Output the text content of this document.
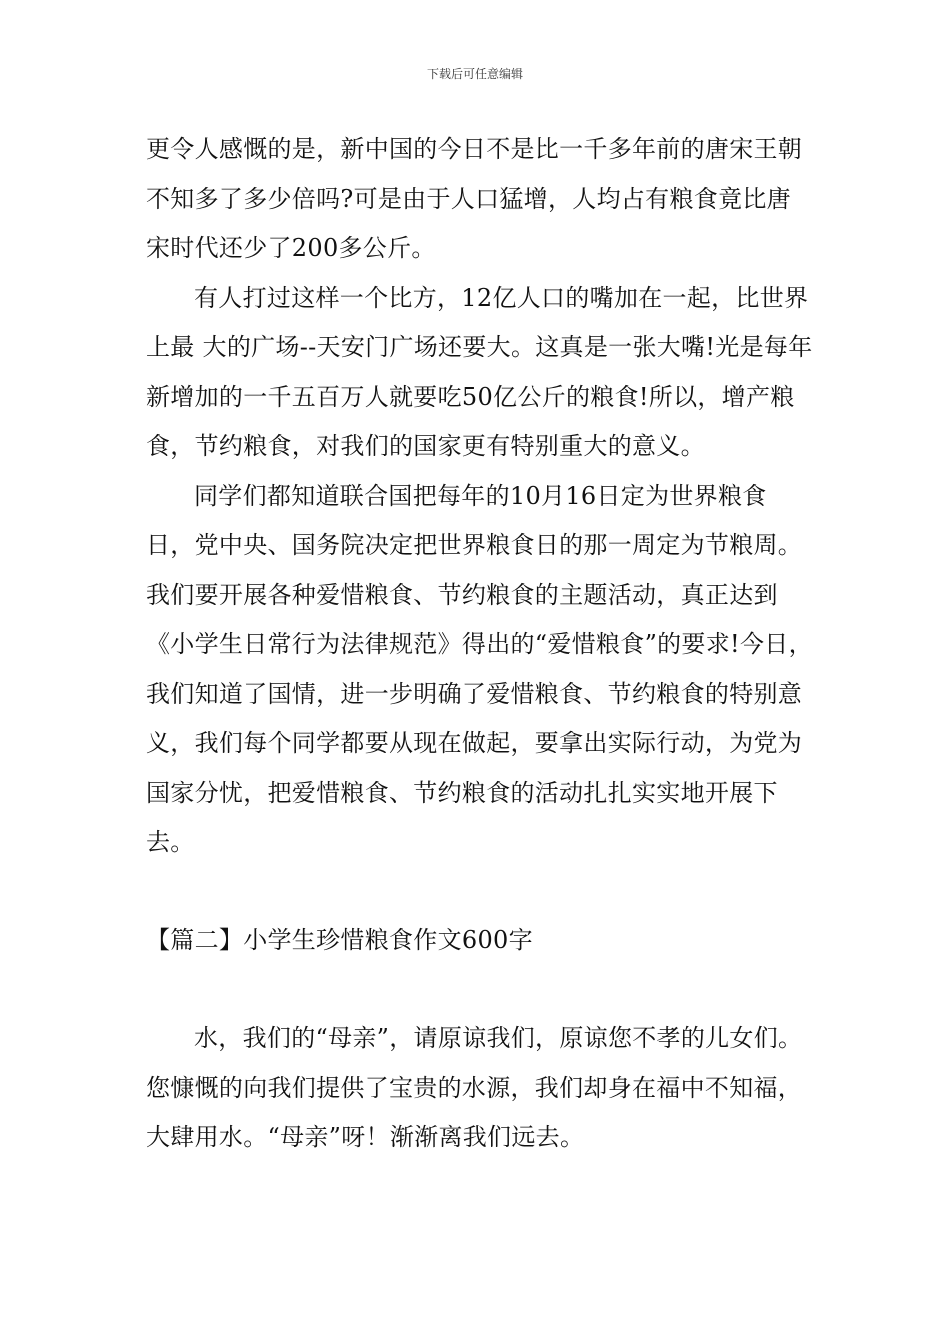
下载后可任意编辑

更令人感慨的是，新中国的今日不是比一千多年前的唐宋王朝不知多了多少倍吗?可是由于人口猛增，人均占有粮食竟比唐宋时代还少了200多公斤。

有人打过这样一个比方，12亿人口的嘴加在一起，比世界上最 大的广场--天安门广场还要大。这真是一张大嘴!光是每年新增加的一千五百万人就要吃50亿公斤的粮食!所以，增产粮食，节约粮食，对我们的国家更有特别重大的意义。

同学们都知道联合国把每年的10月16日定为世界粮食日，党中央、国务院决定把世界粮食日的那一周定为节粮周。我们要开展各种爱惜粮食、节约粮食的主题活动，真正达到《小学生日常行为法律规范》得出的“爱惜粮食”的要求!今日，我们知道了国情，进一步明确了爱惜粮食、节约粮食的特别意义，我们每个同学都要从现在做起，要拿出实际行动，为党为国家分忧，把爱惜粮食、节约粮食的活动扎扎实实地开展下去。

【篇二】小学生珍惜粮食作文600字

水，我们的“母亲”，请原谅我们，原谅您不孝的儿女们。您慷慨的向我们提供了宝贵的水源，我们却身在福中不知福，大肆用水。“母亲”呀！渐渐离我们远去。
